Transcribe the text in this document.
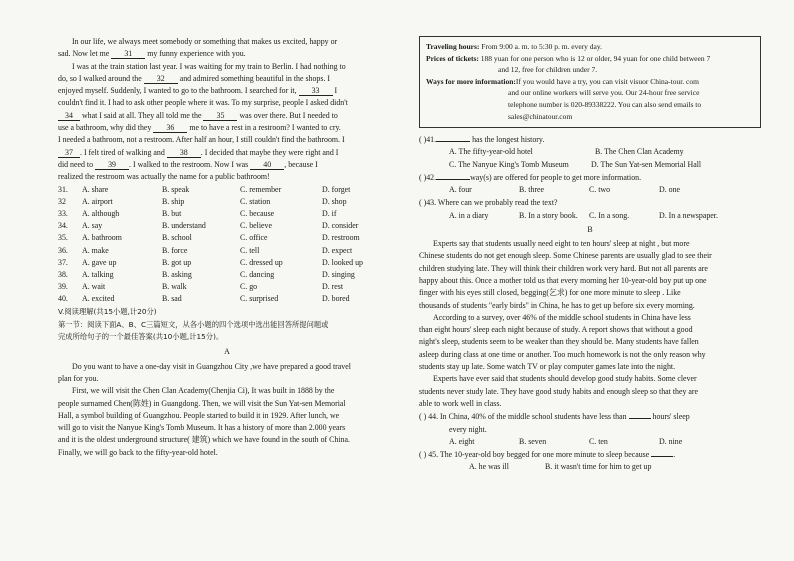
In our life, we always meet somebody or something that makes us excited, happy or

sad. Now let me 31 my funny experience with you.

I was at the train station last year. I was waiting for my train to Berlin. I had nothing to

do, so I walked around the 32 and admired something beautiful in the shops. I

enjoyed myself. Suddenly, I wanted to go to the bathroom. I searched for it, 33 I

couldn't find it. I had to ask other people where it was. To my surprise, people I asked didn't

34 what I said at all. They all told me the 35 was over there. But I needed to

use a bathroom, why did they 36 me to have a rest in a restroom? I wanted to cry.

I needed a bathroom, not a restroom. After half an hour, I still couldn't find the bathroom. I

37 . I felt tired of walking and 38 . I decided that maybe they were right and I

did need to 39 . I walked to the restroom. Now I was 40 , because I

realized the restroom was actually the name for a public bathroom!

31.	A. share	B. speak	C. remember	D. forget
32	A. airport	B. ship	C. station	D. shop
33.	A. although	B. but	C. because	D. if
34.	A. say	B. understand	C. believe	D. consider
35.	A. bathroom	B. school	C. office	D. restroom
36.	A. make	B. force	C. tell	D. expect
37.	A. gave up	B. got up	C. dressed up	D. looked up
38.	A. talking	B. asking	C. dancing	D. singing
39.	A. wait	B. walk	C. go	D. rest
40.	A. excited	B. sad	C. surprised	D. bored

V.阅读理解(共15小题,计20分)

第一节：阅读下面A、B、C三篇短文，从各小题的四个选项中选出能回答所提问题或

完成所给句子的一个最佳答案(共10小题,计15分)。

A

Do you want to have a one-day visit in Guangzhou City ,we have prepared a good travel

plan for you.

First, we will visit the Chen Clan Academy(Chenjia Ci), It was built in 1888 by the

people surnamed Chen(陈姓) in Guangdong. Then, we will visit the Sun Yat-sen Memorial

Hall, a symbol building of Guangzhou. People started to build it in 1929. After lunch, we

will go to visit the Nanyue King's Tomb Museum. It has a history of more than 2.000 years

and it is the oldest underground structure( 建筑) which we have found in the south of China.

Finally, we will go back to the fifty-year-old hotel.

Traveling hours: From 9:00 a. m. to 5:30 p. m. every day.

Prices of tickets: 188 yuan for one person who is 12 or older, 94 yuan for one child between 7

and 12, free for children under 7.

Ways for more information:If you would have a try, you can visit visuor China-tour. com

and our online workers will serve you. Our 24-hour free service

telephone number is 020-89338222. You can also send emails to

sales@chinatour.com

( )41.	has the longest history.

A. The fifty-year-old hotel	B. The Chen Clan Academy
C. The Nanyue King's Tomb Museum	D. The Sun Yat-sen Memorial Hall

( )42.	way(s) are offered for people to get more information.

A. four	B. three	C. two	D. one

( )43. Where can we probably read the text?

A. in a diary	B. In a story book.	C. In a song.	D. In a newspaper.

B

Experts say that students usually need eight to ten hours' sleep at night , but more

Chinese students do not get enough sleep. Some Chinese parents are usually glad to see their

children studying late. They will think their children work very hard. But not all parents are

happy about this. Once a mother told us that every morning her 10-year-old boy put up one

finger with his eyes still closed, begging(乞求) for one more minute to sleep . Like

thousands of students "early birds" in China, he has to get up before six every morning.

According to a survey, over 46% of the middle school students in China have less

than eight hours' sleep each night because of study. A report shows that without a good

night's sleep, students seem to be weaker than they should be. Many students have fallen

asleep during class at one time or another. Too much homework is not the only reason why

students stay up late. Some watch TV or play computer games late into the night.

Experts have ever said that students should develop good study habits. Some clever

students never study late. They have good study habits and enough sleep so that they are

able to work well in class.

( ) 44. In China, 40% of the middle school students have less than	hours' sleep

every night.

A. eight	B. seven	C. ten	D. nine

( ) 45. The 10-year-old boy begged for one more minute to sleep because	.

A. he was ill	B. it wasn't time for him to get up
